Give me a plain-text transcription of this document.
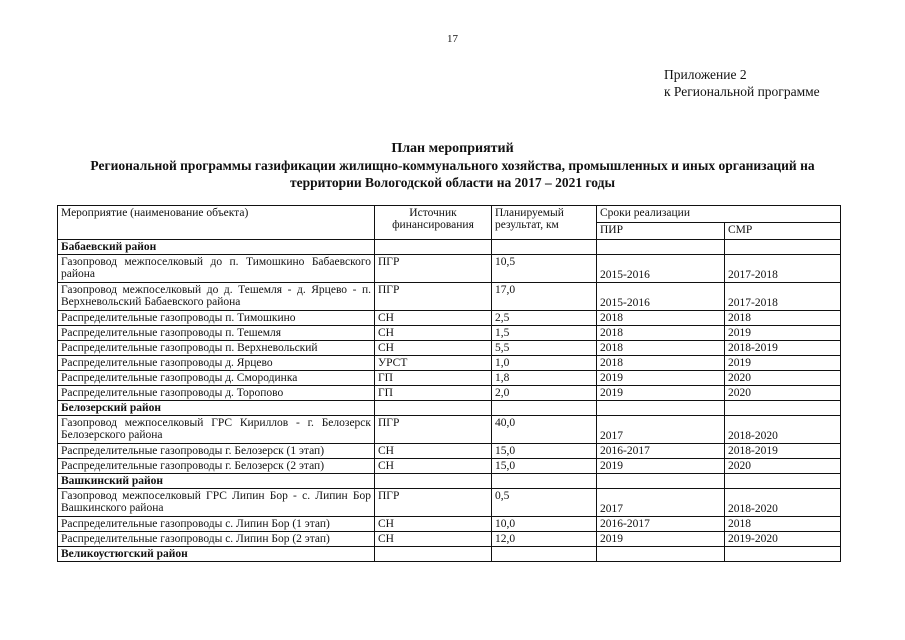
17
Приложение 2
к Региональной программе
План мероприятий
Региональной программы газификации жилищно-коммунального хозяйства, промышленных и иных организаций на
территории Вологодской области на 2017 – 2021 годы
Мероприятие (наименование объекта)	Источник финансирования	Планируемый результат, км	Сроки реализации	
			ПИР	СМР
Бабаевский район				
Газопровод межпоселковый до п. Тимошкино Бабаевского района	ПГР	10,5	2015-2016	2017-2018
Газопровод межпоселковый до д. Тешемля - д. Ярцево - п. Верхневольский Бабаевского района	ПГР	17,0	2015-2016	2017-2018
Распределительные газопроводы п. Тимошкино	СН	2,5	2018	2018
Распределительные газопроводы п. Тешемля	СН	1,5	2018	2019
Распределительные газопроводы п. Верхневольский	СН	5,5	2018	2018-2019
Распределительные газопроводы д. Ярцево	УРСТ	1,0	2018	2019
Распределительные газопроводы д. Смородинка	ГП	1,8	2019	2020
Распределительные газопроводы д. Торопово	ГП	2,0	2019	2020
Белозерский район				
Газопровод межпоселковый ГРС Кириллов - г. Белозерск Белозерского района	ПГР	40,0	2017	2018-2020
Распределительные газопроводы г. Белозерск (1 этап)	СН	15,0	2016-2017	2018-2019
Распределительные газопроводы г. Белозерск (2 этап)	СН	15,0	2019	2020
Вашкинский район				
Газопровод межпоселковый ГРС Липин Бор - с. Липин Бор Вашкинского района	ПГР	0,5	2017	2018-2020
Распределительные газопроводы с. Липин Бор (1 этап)	СН	10,0	2016-2017	2018
Распределительные газопроводы с. Липин Бор (2 этап)	СН	12,0	2019	2019-2020
Великоустюгский район				
